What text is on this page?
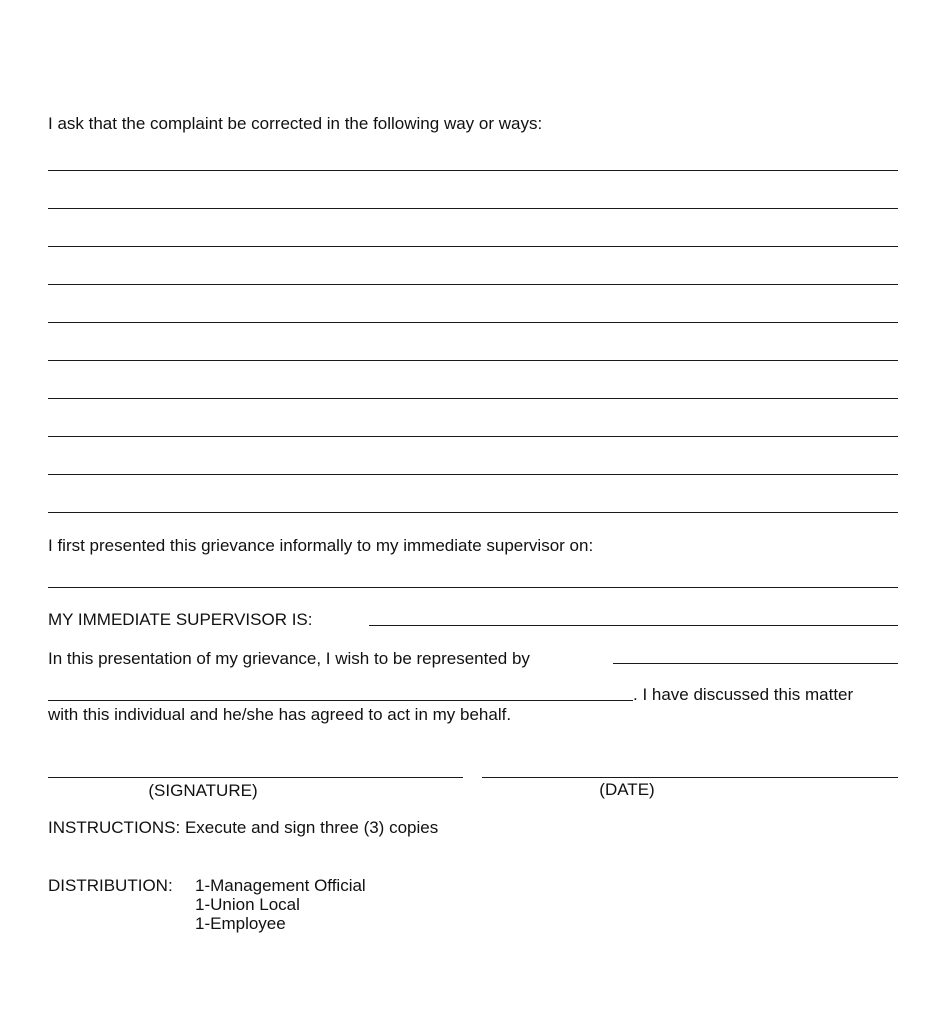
I ask that the complaint be corrected in the following way or ways:
I first presented this grievance informally to my immediate supervisor on:
MY IMMEDIATE SUPERVISOR IS:
In this presentation of my grievance, I wish to be represented by
. I have discussed this matter
with this individual and he/she has agreed to act in my behalf.
(SIGNATURE)	(DATE)
INSTRUCTIONS: Execute and sign three (3) copies
DISTRIBUTION: 1-Management Official
1-Union Local
1-Employee
